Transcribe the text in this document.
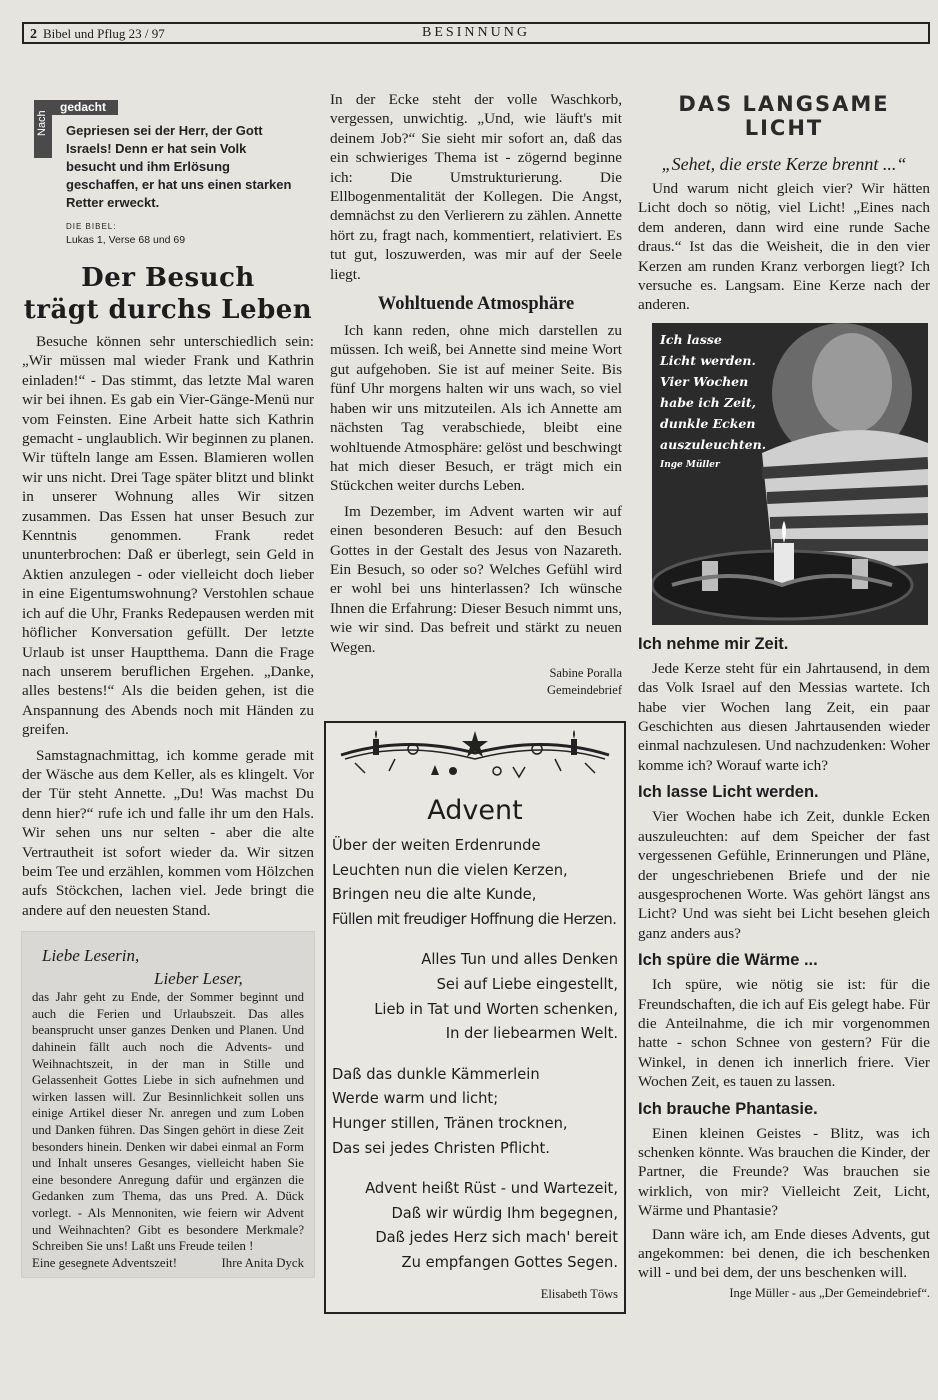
2 Bibel und Pflug 23 / 97	BESINNUNG
Nach
gedacht
Gepriesen sei der Herr, der Gott Israels! Denn er hat sein Volk besucht und ihm Erlösung geschaffen, er hat uns einen starken Retter erweckt.
DIE BIBEL:
Lukas 1, Verse 68 und 69
Der Besuch
trägt durchs Leben

Besuche können sehr unterschiedlich sein: „Wir müssen mal wieder Frank und Kathrin einladen!“ - Das stimmt, das letzte Mal waren wir bei ihnen. Es gab ein Vier-Gänge-Menü nur vom Feinsten. Eine Arbeit hatte sich Kathrin gemacht - unglaublich. Wir beginnen zu planen. Wir tüfteln lange am Essen. Blamieren wollen wir uns nicht. Drei Tage später blitzt und blinkt in unserer Wohnung alles Wir sitzen zusammen. Das Essen hat unser Besuch zur Kenntnis genommen. Frank redet ununterbrochen: Daß er überlegt, sein Geld in Aktien anzulegen - oder vielleicht doch lieber in eine Eigentumswohnung? Verstohlen schaue ich auf die Uhr, Franks Redepausen werden mit höflicher Konversation gefüllt. Der letzte Urlaub ist unser Hauptthema. Dann die Frage nach unserem beruflichen Ergehen. „Danke, alles bestens!“ Als die beiden gehen, ist die Anspannung des Abends noch mit Händen zu greifen.

Samstagnachmittag, ich komme gerade mit der Wäsche aus dem Keller, als es klingelt. Vor der Tür steht Annette. „Du! Was machst Du denn hier?“ rufe ich und falle ihr um den Hals. Wir sehen uns nur selten - aber die alte Vertrautheit ist sofort wieder da. Wir sitzen beim Tee und erzählen, kommen vom Hölzchen aufs Stöckchen, lachen viel. Jede bringt die andere auf den neuesten Stand.

Liebe Leserin,
Lieber Leser,

das Jahr geht zu Ende, der Sommer beginnt und auch die Ferien und Urlaubszeit. Das alles beansprucht unser ganzes Denken und Planen. Und dahinein fällt auch noch die Advents- und Weihnachtszeit, in der man in Stille und Gelassenheit Gottes Liebe in sich aufnehmen und wirken lassen will. Zur Besinnlichkeit sollen uns einige Artikel dieser Nr. anregen und zum Loben und Danken führen. Das Singen gehört in diese Zeit besonders hinein. Denken wir dabei einmal an Form und Inhalt unseres Gesanges, vielleicht haben Sie eine besondere Anregung dafür und ergänzen die Gedanken zum Thema, das uns Pred. A. Dück vorlegt. - Als Mennoniten, wie feiern wir Advent und Weihnachten? Gibt es besondere Merkmale? Schreiben Sie uns! Laßt uns Freude teilen !

Eine gesegnete Adventszeit!	Ihre Anita Dyck

In der Ecke steht der volle Waschkorb, vergessen, unwichtig. „Und, wie läuft's mit deinem Job?“ Sie sieht mir sofort an, daß das ein schwieriges Thema ist - zögernd beginne ich: Die Umstrukturierung. Die Ellbogenmentalität der Kollegen. Die Angst, demnächst zu den Verlierern zu zählen. Annette hört zu, fragt nach, kommentiert, relativiert. Es tut gut, loszuwerden, was mir auf der Seele liegt.

Wohltuende Atmosphäre

Ich kann reden, ohne mich darstellen zu müssen. Ich weiß, bei Annette sind meine Wort gut aufgehoben. Sie ist auf meiner Seite. Bis fünf Uhr morgens halten wir uns wach, so viel haben wir uns mitzuteilen. Als ich Annette am nächsten Tag verabschiede, bleibt eine wohltuende Atmosphäre: gelöst und beschwingt hat mich dieser Besuch, er trägt mich ein Stückchen weiter durchs Leben.

Im Dezember, im Advent warten wir auf einen besonderen Besuch: auf den Besuch Gottes in der Gestalt des Jesus von Nazareth. Ein Besuch, so oder so? Welches Gefühl wird er wohl bei uns hinterlassen? Ich wünsche Ihnen die Erfahrung: Dieser Besuch nimmt uns, wie wir sind. Das befreit und stärkt zu neuen Wegen.

Sabine Poralla
Gemeindebrief
Advent
Über der weiten Erdenrunde
Leuchten nun die vielen Kerzen,
Bringen neu die alte Kunde,
Füllen mit freudiger Hoffnung die Herzen.
Alles Tun und alles Denken
Sei auf Liebe eingestellt,
Lieb in Tat und Worten schenken,
In der liebearmen Welt.
Daß das dunkle Kämmerlein
Werde warm und licht;
Hunger stillen, Tränen trocknen,
Das sei jedes Christen Pflicht.
Advent heißt Rüst - und Wartezeit,
Daß wir würdig Ihm begegnen,
Daß jedes Herz sich mach' bereit
Zu empfangen Gottes Segen.
Elisabeth Töws
DAS LANGSAME LICHT
„Sehet, die erste Kerze brennt ...“

Und warum nicht gleich vier? Wir hätten Licht doch so nötig, viel Licht! „Eines nach dem anderen, dann wird eine runde Sache draus.“ Ist das die Weisheit, die in den vier Kerzen am runden Kranz verborgen liegt? Ich versuche es. Langsam. Eine Kerze nach der anderen.

Ich lasse
Licht werden.
Vier Wochen
habe ich Zeit,
dunkle Ecken
auszuleuchten.
Inge Müller
Ich nehme mir Zeit.

Jede Kerze steht für ein Jahrtausend, in dem das Volk Israel auf den Messias wartete. Ich habe vier Wochen lang Zeit, ein paar Geschichten aus diesen Jahrtausenden wieder einmal nachzulesen. Und nachzudenken: Woher komme ich? Worauf warte ich?

Ich lasse Licht werden.

Vier Wochen habe ich Zeit, dunkle Ecken auszuleuchten: auf dem Speicher der fast vergessenen Gefühle, Erinnerungen und Pläne, der ungeschriebenen Briefe und der nie ausgesprochenen Worte. Was gehört längst ans Licht? Und was sieht bei Licht besehen gleich ganz anders aus?

Ich spüre die Wärme ...

Ich spüre, wie nötig sie ist: für die Freundschaften, die ich auf Eis gelegt habe. Für die Anteilnahme, die ich mir vorgenommen hatte - schon Schnee von gestern? Für die Winkel, in denen ich innerlich friere. Vier Wochen Zeit, es tauen zu lassen.

Ich brauche Phantasie.

Einen kleinen Geistes - Blitz, was ich schenken könnte. Was brauchen die Kinder, der Partner, die Freunde? Was brauchen sie wirklich, von mir? Vielleicht Zeit, Licht, Wärme und Phantasie?

Dann wäre ich, am Ende dieses Advents, gut angekommen: bei denen, die ich beschenken will - und bei dem, der uns beschenken will.

Inge Müller - aus „Der Gemeindebrief“.
